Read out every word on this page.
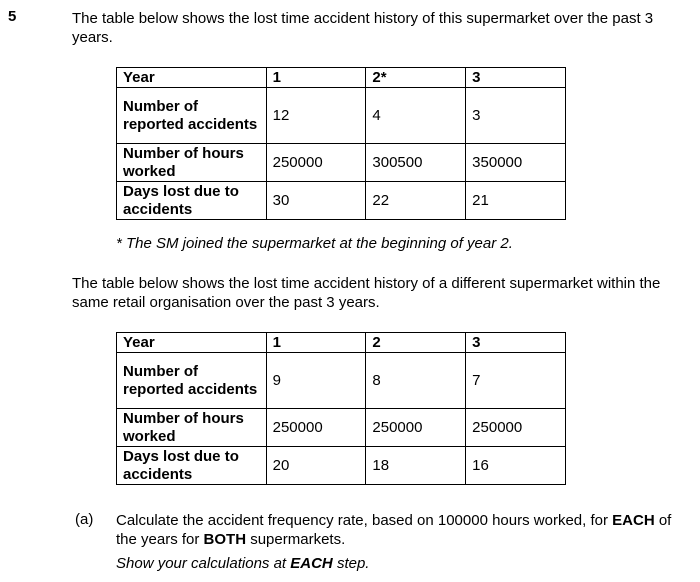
5	The table below shows the lost time accident history of this supermarket over the past 3 years.
Year	1	2*	3
Number of reported accidents	12	4	3
Number of hours worked	250000	300500	350000
Days lost due to accidents	30	22	21
* The SM joined the supermarket at the beginning of year 2.
The table below shows the lost time accident history of a different supermarket within the same retail organisation over the past 3 years.
Year	1	2	3
Number of reported accidents	9	8	7
Number of hours worked	250000	250000	250000
Days lost due to accidents	20	18	16
(a) Calculate the accident frequency rate, based on 100000 hours worked, for EACH of the years for BOTH supermarkets.
Show your calculations at EACH step.
